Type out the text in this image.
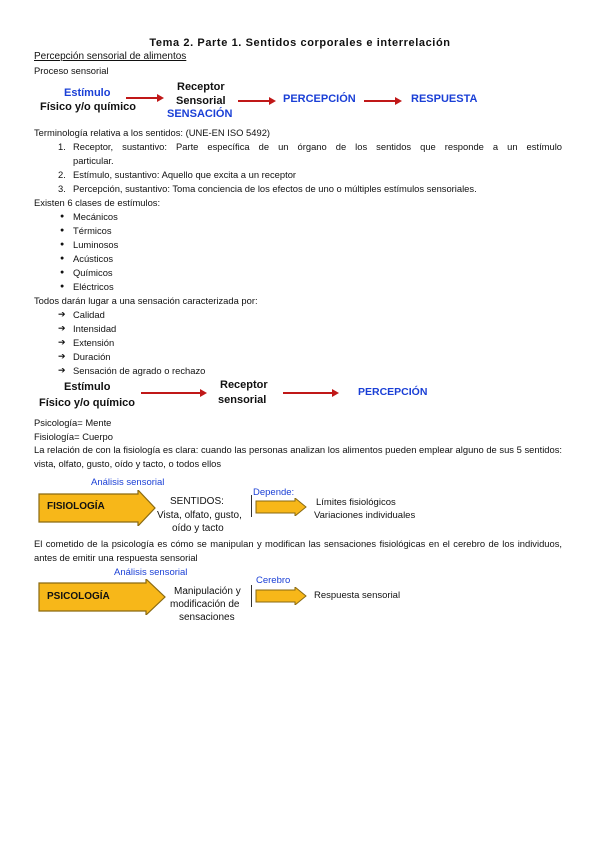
Tema 2. Parte 1. Sentidos corporales e interrelación
Percepción sensorial de alimentos
Proceso sensorial
Estímulo
Físico y/o químico
Receptor
Sensorial
SENSACIÓN
PERCEPCIÓN	RESPUESTA
Terminología relativa a los sentidos: (UNE-EN ISO 5492)
1. Receptor, sustantivo: Parte específica de un órgano de los sentidos que responde a un estímulo
particular.
2. Estímulo, sustantivo: Aquello que excita a un receptor
3. Percepción, sustantivo: Toma conciencia de los efectos de uno o múltiples estímulos sensoriales.
Existen 6 clases de estímulos:
● Mecánicos
● Térmicos
● Luminosos
● Acústicos
● Químicos
● Eléctricos
Todos darán lugar a una sensación caracterizada por:
➔ Calidad
➔ Intensidad
➔ Extensión
➔ Duración
➔ Sensación de agrado o rechazo
Estímulo
Físico y/o químico
Receptor
sensorial
PERCEPCIÓN
Psicología= Mente
Fisiología= Cuerpo
La relación de con la fisiología es clara: cuando las personas analizan los alimentos pueden emplear alguno de sus 5 sentidos: vista, olfato, gusto, oído y tacto, o todos ellos
Análisis sensorial
FISIOLOGÍA	SENTIDOS:
Vista, olfato, gusto,
oído y tacto
Depende:
Límites fisiológicos
Variaciones individuales
El cometido de la psicología es cómo se manipulan y modifican las sensaciones fisiológicas en el cerebro de los individuos, antes de emitir una respuesta sensorial
Análisis sensorial
PSICOLOGÍA	Manipulación y
modificación de
sensaciones
Cerebro
Respuesta sensorial
